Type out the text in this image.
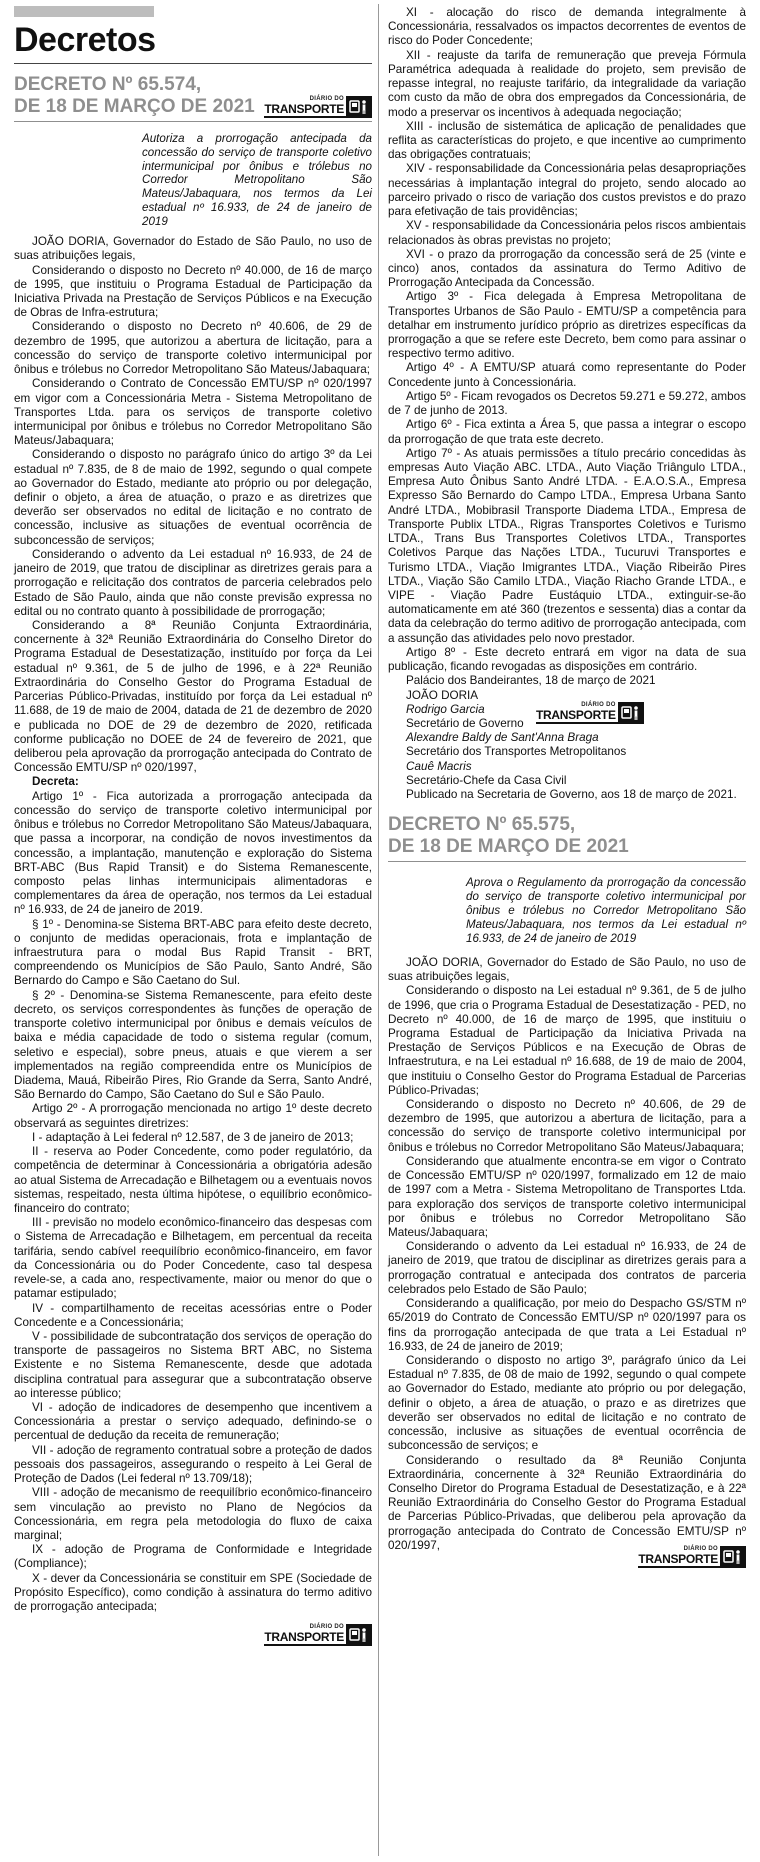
Decretos
DECRETO Nº 65.574,
DE 18 DE MARÇO DE 2021	DIÁRIO DO
TRANSPORTE
Autoriza a prorrogação antecipada da concessão do serviço de transporte coletivo intermunicipal por ônibus e trólebus no Corredor Metropolitano São Mateus/Jabaquara, nos termos da Lei estadual nº 16.933, de 24 de janeiro de 2019

JOÃO DORIA, Governador do Estado de São Paulo, no uso de suas atribuições legais,

Considerando o disposto no Decreto nº 40.000, de 16 de março de 1995, que instituiu o Programa Estadual de Participação da Iniciativa Privada na Prestação de Serviços Públicos e na Execução de Obras de Infra-estrutura;

Considerando o disposto no Decreto nº 40.606, de 29 de dezembro de 1995, que autorizou a abertura de licitação, para a concessão do serviço de transporte coletivo intermunicipal por ônibus e trólebus no Corredor Metropolitano São Mateus/Jabaquara;

Considerando o Contrato de Concessão EMTU/SP nº 020/1997 em vigor com a Concessionária Metra - Sistema Metropolitano de Transportes Ltda. para os serviços de transporte coletivo intermunicipal por ônibus e trólebus no Corredor Metropolitano São Mateus/Jabaquara;

Considerando o disposto no parágrafo único do artigo 3º da Lei estadual nº 7.835, de 8 de maio de 1992, segundo o qual compete ao Governador do Estado, mediante ato próprio ou por delegação, definir o objeto, a área de atuação, o prazo e as diretrizes que deverão ser observados no edital de licitação e no contrato de concessão, inclusive as situações de eventual ocorrência de subconcessão de serviços;

Considerando o advento da Lei estadual nº 16.933, de 24 de janeiro de 2019, que tratou de disciplinar as diretrizes gerais para a prorrogação e relicitação dos contratos de parceria celebrados pelo Estado de São Paulo, ainda que não conste previsão expressa no edital ou no contrato quanto à possibilidade de prorrogação;

Considerando a 8ª Reunião Conjunta Extraordinária, concernente à 32ª Reunião Extraordinária do Conselho Diretor do Programa Estadual de Desestatização, instituído por força da Lei estadual nº 9.361, de 5 de julho de 1996, e à 22ª Reunião Extraordinária do Conselho Gestor do Programa Estadual de Parcerias Público-Privadas, instituído por força da Lei estadual nº 11.688, de 19 de maio de 2004, datada de 21 de dezembro de 2020 e publicada no DOE de 29 de dezembro de 2020, retificada conforme publicação no DOEE de 24 de fevereiro de 2021, que deliberou pela aprovação da prorrogação antecipada do Contrato de Concessão EMTU/SP nº 020/1997,

Decreta:

Artigo 1º - Fica autorizada a prorrogação antecipada da concessão do serviço de transporte coletivo intermunicipal por ônibus e trólebus no Corredor Metropolitano São Mateus/Jabaquara, que passa a incorporar, na condição de novos investimentos da concessão, a implantação, manutenção e exploração do Sistema BRT-ABC (Bus Rapid Transit) e do Sistema Remanescente, composto pelas linhas intermunicipais alimentadoras e complementares da área de operação, nos termos da Lei estadual nº 16.933, de 24 de janeiro de 2019.

§ 1º - Denomina-se Sistema BRT-ABC para efeito deste decreto, o conjunto de medidas operacionais, frota e implantação de infraestrutura para o modal Bus Rapid Transit - BRT, compreendendo os Municípios de São Paulo, Santo André, São Bernardo do Campo e São Caetano do Sul.

§ 2º - Denomina-se Sistema Remanescente, para efeito deste decreto, os serviços correspondentes às funções de operação de transporte coletivo intermunicipal por ônibus e demais veículos de baixa e média capacidade de todo o sistema regular (comum, seletivo e especial), sobre pneus, atuais e que vierem a ser implementados na região compreendida entre os Municípios de Diadema, Mauá, Ribeirão Pires, Rio Grande da Serra, Santo André, São Bernardo do Campo, São Caetano do Sul e São Paulo.

Artigo 2º - A prorrogação mencionada no artigo 1º deste decreto observará as seguintes diretrizes:

I - adaptação à Lei federal nº 12.587, de 3 de janeiro de 2013;

II - reserva ao Poder Concedente, como poder regulatório, da competência de determinar à Concessionária a obrigatória adesão ao atual Sistema de Arrecadação e Bilhetagem ou a eventuais novos sistemas, respeitado, nesta última hipótese, o equilíbrio econômico-financeiro do contrato;

III - previsão no modelo econômico-financeiro das despesas com o Sistema de Arrecadação e Bilhetagem, em percentual da receita tarifária, sendo cabível reequilíbrio econômico-financeiro, em favor da Concessionária ou do Poder Concedente, caso tal despesa revele-se, a cada ano, respectivamente, maior ou menor do que o patamar estipulado;

IV - compartilhamento de receitas acessórias entre o Poder Concedente e a Concessionária;

V - possibilidade de subcontratação dos serviços de operação do transporte de passageiros no Sistema BRT ABC, no Sistema Existente e no Sistema Remanescente, desde que adotada disciplina contratual para assegurar que a subcontratação observe ao interesse público;

VI - adoção de indicadores de desempenho que incentivem a Concessionária a prestar o serviço adequado, definindo-se o percentual de dedução da receita de remuneração;

VII - adoção de regramento contratual sobre a proteção de dados pessoais dos passageiros, assegurando o respeito à Lei Geral de Proteção de Dados (Lei federal nº 13.709/18);

VIII - adoção de mecanismo de reequilíbrio econômico-financeiro sem vinculação ao previsto no Plano de Negócios da Concessionária, em regra pela metodologia do fluxo de caixa marginal;

IX - adoção de Programa de Conformidade e Integridade (Compliance);

X - dever da Concessionária se constituir em SPE (Sociedade de Propósito Específico), como condição à assinatura do termo aditivo de prorrogação antecipada;

DIÁRIO DO
TRANSPORTE

XI - alocação do risco de demanda integralmente à Concessionária, ressalvados os impactos decorrentes de eventos de risco do Poder Concedente;

XII - reajuste da tarifa de remuneração que preveja Fórmula Paramétrica adequada à realidade do projeto, sem previsão de repasse integral, no reajuste tarifário, da integralidade da variação com custo da mão de obra dos empregados da Concessionária, de modo a preservar os incentivos à adequada negociação;

XIII - inclusão de sistemática de aplicação de penalidades que reflita as características do projeto, e que incentive ao cumprimento das obrigações contratuais;

XIV - responsabilidade da Concessionária pelas desapropriações necessárias à implantação integral do projeto, sendo alocado ao parceiro privado o risco de variação dos custos previstos e do prazo para efetivação de tais providências;

XV - responsabilidade da Concessionária pelos riscos ambientais relacionados às obras previstas no projeto;

XVI - o prazo da prorrogação da concessão será de 25 (vinte e cinco) anos, contados da assinatura do Termo Aditivo de Prorrogação Antecipada da Concessão.

Artigo 3º - Fica delegada à Empresa Metropolitana de Transportes Urbanos de São Paulo - EMTU/SP a competência para detalhar em instrumento jurídico próprio as diretrizes específicas da prorrogação a que se refere este Decreto, bem como para assinar o respectivo termo aditivo.

Artigo 4º - A EMTU/SP atuará como representante do Poder Concedente junto à Concessionária.

Artigo 5º - Ficam revogados os Decretos 59.271 e 59.272, ambos de 7 de junho de 2013.

Artigo 6º - Fica extinta a Área 5, que passa a integrar o escopo da prorrogação de que trata este decreto.

Artigo 7º - As atuais permissões a título precário concedidas às empresas Auto Viação ABC. LTDA., Auto Viação Triângulo LTDA., Empresa Auto Ônibus Santo André LTDA. - E.A.O.S.A., Empresa Expresso São Bernardo do Campo LTDA., Empresa Urbana Santo André LTDA., Mobibrasil Transporte Diadema LTDA., Empresa de Transporte Publix LTDA., Rigras Transportes Coletivos e Turismo LTDA., Trans Bus Transportes Coletivos LTDA., Transportes Coletivos Parque das Nações LTDA., Tucuruvi Transportes e Turismo LTDA., Viação Imigrantes LTDA., Viação Ribeirão Pires LTDA., Viação São Camilo LTDA., Viação Riacho Grande LTDA., e VIPE - Viação Padre Eustáquio LTDA., extinguir-se-ão automaticamente em até 360 (trezentos e sessenta) dias a contar da data da celebração do termo aditivo de prorrogação antecipada, com a assunção das atividades pelo novo prestador.

Artigo 8º - Este decreto entrará em vigor na data de sua publicação, ficando revogadas as disposições em contrário.

DIÁRIO DO
TRANSPORTE

Palácio dos Bandeirantes, 18 de março de 2021

JOÃO DORIA

Rodrigo Garcia

Secretário de Governo

Alexandre Baldy de Sant'Anna Braga

Secretário dos Transportes Metropolitanos

Cauê Macris

Secretário-Chefe da Casa Civil

Publicado na Secretaria de Governo, aos 18 de março de 2021.

DECRETO Nº 65.575,
DE 18 DE MARÇO DE 2021
Aprova o Regulamento da prorrogação da concessão do serviço de transporte coletivo intermunicipal por ônibus e trólebus no Corredor Metropolitano São Mateus/Jabaquara, nos termos da Lei estadual nº 16.933, de 24 de janeiro de 2019

JOÃO DORIA, Governador do Estado de São Paulo, no uso de suas atribuições legais,

Considerando o disposto na Lei estadual nº 9.361, de 5 de julho de 1996, que cria o Programa Estadual de Desestatização - PED, no Decreto nº 40.000, de 16 de março de 1995, que instituiu o Programa Estadual de Participação da Iniciativa Privada na Prestação de Serviços Públicos e na Execução de Obras de Infraestrutura, e na Lei estadual nº 16.688, de 19 de maio de 2004, que instituiu o Conselho Gestor do Programa Estadual de Parcerias Público-Privadas;

Considerando o disposto no Decreto nº 40.606, de 29 de dezembro de 1995, que autorizou a abertura de licitação, para a concessão do serviço de transporte coletivo intermunicipal por ônibus e trólebus no Corredor Metropolitano São Mateus/Jabaquara;

Considerando que atualmente encontra-se em vigor o Contrato de Concessão EMTU/SP nº 020/1997, formalizado em 12 de maio de 1997 com a Metra - Sistema Metropolitano de Transportes Ltda. para exploração dos serviços de transporte coletivo intermunicipal por ônibus e trólebus no Corredor Metropolitano São Mateus/Jabaquara;

Considerando o advento da Lei estadual nº 16.933, de 24 de janeiro de 2019, que tratou de disciplinar as diretrizes gerais para a prorrogação contratual e antecipada dos contratos de parceria celebrados pelo Estado de São Paulo;

Considerando a qualificação, por meio do Despacho GS/STM nº 65/2019 do Contrato de Concessão EMTU/SP nº 020/1997 para os fins da prorrogação antecipada de que trata a Lei Estadual nº 16.933, de 24 de janeiro de 2019;

Considerando o disposto no artigo 3º, parágrafo único da Lei Estadual nº 7.835, de 08 de maio de 1992, segundo o qual compete ao Governador do Estado, mediante ato próprio ou por delegação, definir o objeto, a área de atuação, o prazo e as diretrizes que deverão ser observados no edital de licitação e no contrato de concessão, inclusive as situações de eventual ocorrência de subconcessão de serviços; e

Considerando o resultado da 8ª Reunião Conjunta Extraordinária, concernente à 32ª Reunião Extraordinária do Conselho Diretor do Programa Estadual de Desestatização, e à 22ª Reunião Extraordinária do Conselho Gestor do Programa Estadual de Parcerias Público-Privadas, que deliberou pela aprovação da prorrogação antecipada do Contrato de Concessão EMTU/SP nº 020/1997,	DIÁRIO DO
TRANSPORTE
